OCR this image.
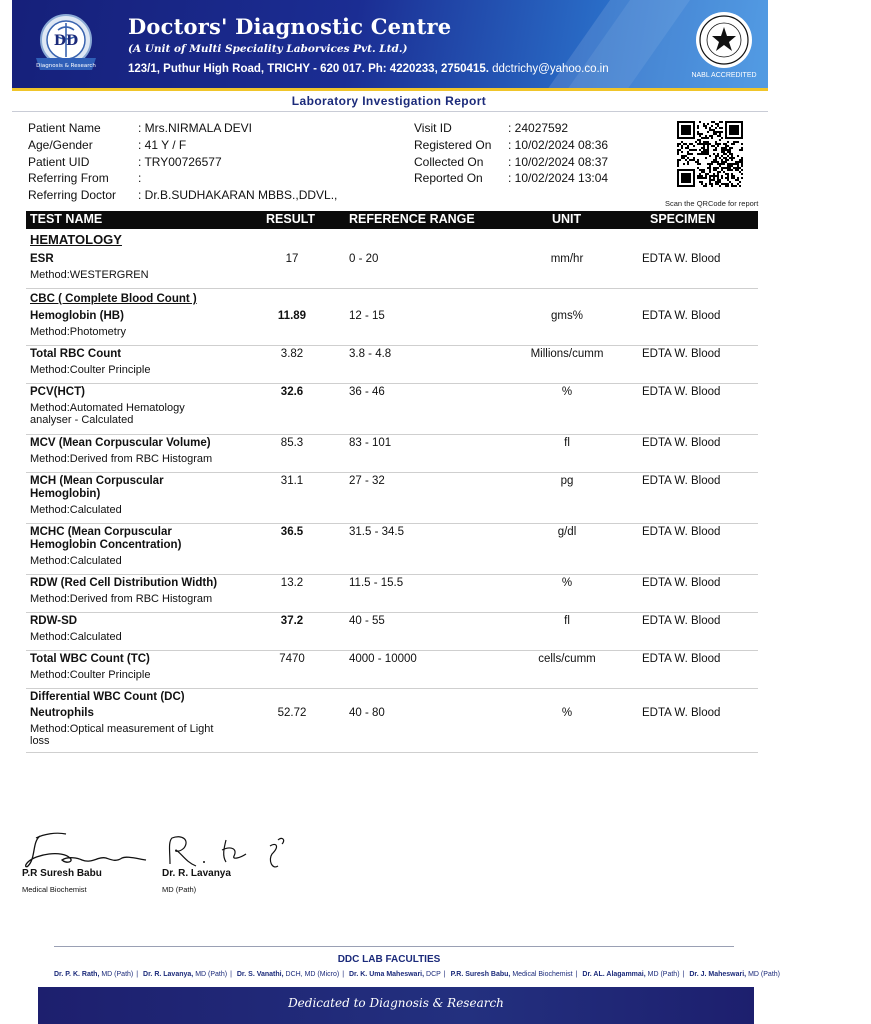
DD
Diagnosis & Research
Doctors' Diagnostic Centre
(A Unit of Multi Speciality Laborvices Pvt. Ltd.)
123/1, Puthur High Road, TRICHY - 620 017. Ph: 4220233, 2750415. ddctrichy@yahoo.co.in
NABL ACCREDITED
Laboratory Investigation Report
Patient Name	: Mrs.NIRMALA DEVI
Age/Gender	: 41 Y / F
Patient UID	: TRY00726577
Referring From :
Referring Doctor : Dr.B.SUDHAKARAN MBBS.,DDVL.,
Visit ID	: 24027592
Registered On : 10/02/2024 08:36
Collected On : 10/02/2024 08:37
Reported On : 10/02/2024 13:04
Scan the QRCode for report
TEST NAME	RESULT	REFERENCE RANGE	UNIT	SPECIMEN
HEMATOLOGY
ESR
Method:WESTERGREN
17	0 - 20	mm/hr	EDTA W. Blood
CBC ( Complete Blood Count )
Hemoglobin (HB)
Method:Photometry
11.89	12 - 15	gms%	EDTA W. Blood
Total RBC Count
Method:Coulter Principle
3.82	3.8 - 4.8	Millions/cumm	EDTA W. Blood
PCV(HCT)
Method:Automated Hematology analyser - Calculated
32.6	36 - 46	%	EDTA W. Blood
MCV (Mean Corpuscular Volume)
Method:Derived from RBC Histogram
85.3	83 - 101	fl	EDTA W. Blood
MCH (Mean Corpuscular Hemoglobin)
Method:Calculated
31.1	27 - 32	pg	EDTA W. Blood
MCHC (Mean Corpuscular Hemoglobin Concentration)
Method:Calculated
36.5	31.5 - 34.5	g/dl	EDTA W. Blood
RDW (Red Cell Distribution Width)
Method:Derived from RBC Histogram
13.2	11.5 - 15.5	%	EDTA W. Blood
RDW-SD
Method:Calculated
37.2	40 - 55	fl	EDTA W. Blood
Total WBC Count (TC)
Method:Coulter Principle
7470	4000 - 10000	cells/cumm	EDTA W. Blood
Differential WBC Count (DC)
Neutrophils
Method:Optical measurement of Light loss
52.72	40 - 80	%	EDTA W. Blood
P.R Suresh Babu
Medical Biochemist
Dr. R. Lavanya
MD (Path)
DDC LAB FACULTIES
Dr. P. K. Rath, MD (Path) | Dr. R. Lavanya, MD (Path) | Dr. S. Vanathi, DCH, MD (Micro) | Dr. K. Uma Maheswari, DCP | P.R. Suresh Babu, Medical Biochemist | Dr. AL. Alagammai, MD (Path) | Dr. J. Maheswari, MD (Path)
Dedicated to Diagnosis & Research
